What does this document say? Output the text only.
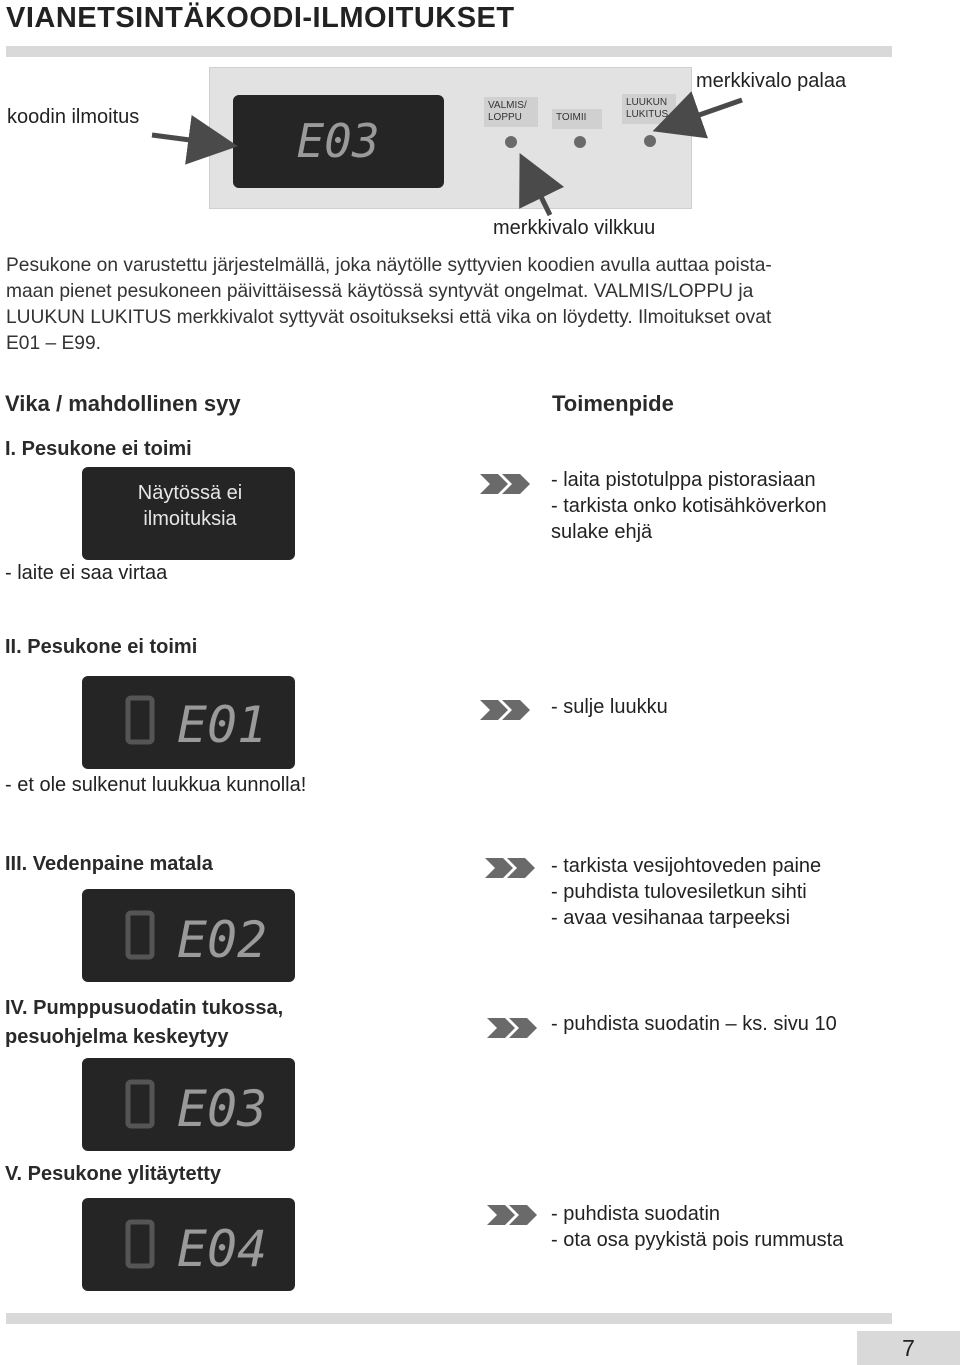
VIANETSINTÄKOODI-ILMOITUKSET
koodin ilmoitus
merkkivalo palaa
E03
VALMIS/ LOPPU	TOIMII
LUUKUN LUKITUS
merkkivalo vilkkuu
Pesukone on varustettu järjestelmällä, joka näytölle syttyvien koodien avulla auttaa poista-
maan pienet pesukoneen päivittäisessä käytössä syntyvät ongelmat. VALMIS/LOPPU ja
LUUKUN LUKITUS merkkivalot syttyvät osoitukseksi että vika on löydetty. Ilmoitukset ovat
E01 – E99.
Vika / mahdollinen syy	Toimenpide
I. Pesukone ei toimi
Näytössä ei ilmoituksia
- laite ei saa virtaa
- laita pistotulppa pistorasiaan
- tarkista onko kotisähköverkon
sulake ehjä
II. Pesukone ei toimi
E01
- et ole sulkenut luukkua kunnolla!
- sulje luukku
III. Vedenpaine matala
E02
- tarkista vesijohtoveden paine
- puhdista tulovesiletkun sihti
- avaa vesihanaa tarpeeksi
IV. Pumppusuodatin tukossa,
pesuohjelma keskeytyy
E03
- puhdista suodatin – ks. sivu 10
V. Pesukone ylitäytetty
E04
- puhdista suodatin
- ota osa pyykistä pois rummusta
7
